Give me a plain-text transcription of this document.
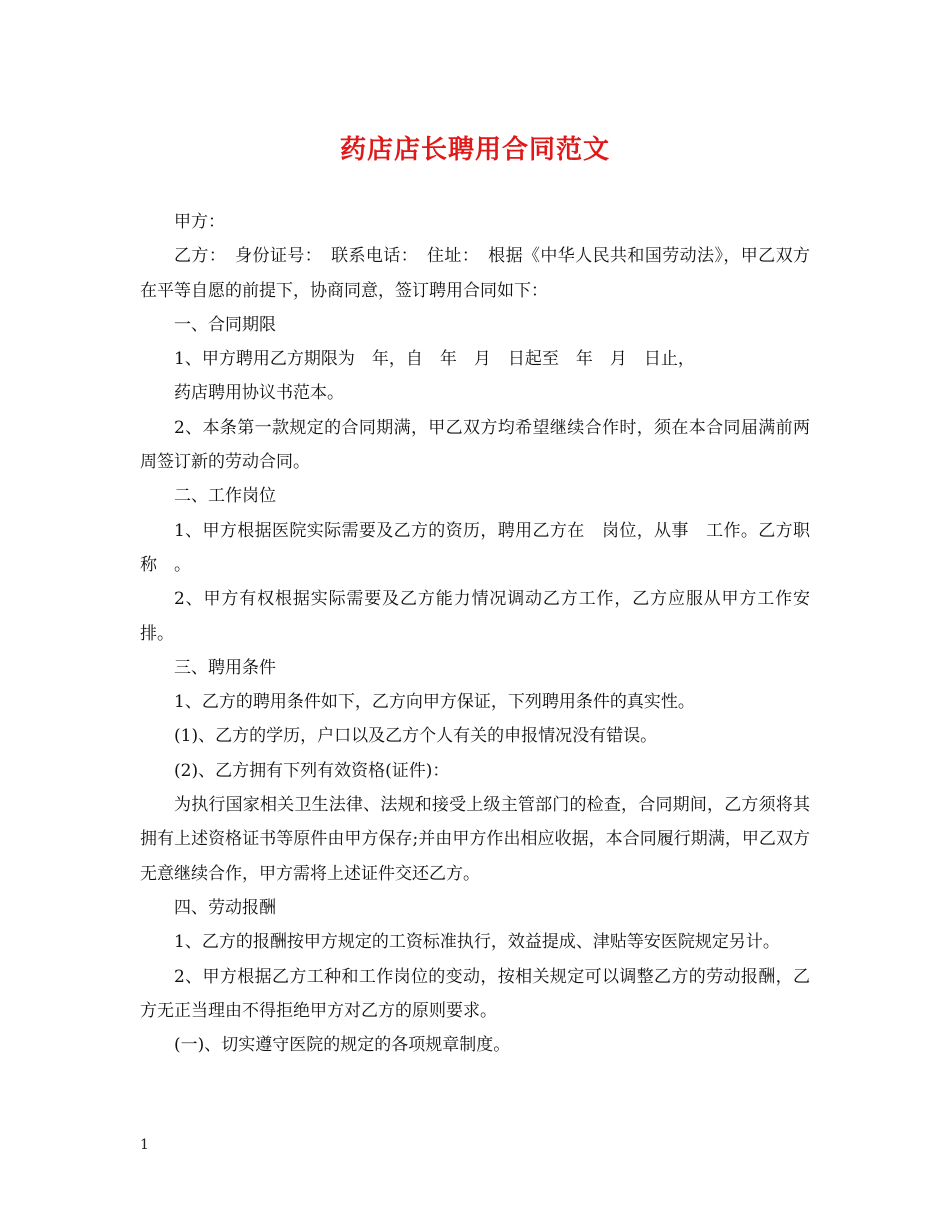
药店店长聘用合同范文

甲方：

乙方：　身份证号：　联系电话：　住址：　根据《中华人民共和国劳动法》，甲乙双方在平等自愿的前提下，协商同意，签订聘用合同如下：

一、合同期限

1、甲方聘用乙方期限为　年，自　年　月　日起至　年　月　日止，

药店聘用协议书范本。

2、本条第一款规定的合同期满，甲乙双方均希望继续合作时，须在本合同届满前两周签订新的劳动合同。

二、工作岗位

1、甲方根据医院实际需要及乙方的资历，聘用乙方在　岗位，从事　工作。乙方职称　。

2、甲方有权根据实际需要及乙方能力情况调动乙方工作，乙方应服从甲方工作安排。

三、聘用条件

1、乙方的聘用条件如下，乙方向甲方保证，下列聘用条件的真实性。

(1)、乙方的学历，户口以及乙方个人有关的申报情况没有错误。

(2)、乙方拥有下列有效资格(证件)：

为执行国家相关卫生法律、法规和接受上级主管部门的检查，合同期间，乙方须将其拥有上述资格证书等原件由甲方保存;并由甲方作出相应收据，本合同履行期满，甲乙双方无意继续合作，甲方需将上述证件交还乙方。

四、劳动报酬

1、乙方的报酬按甲方规定的工资标准执行，效益提成、津贴等安医院规定另计。

2、甲方根据乙方工种和工作岗位的变动，按相关规定可以调整乙方的劳动报酬，乙方无正当理由不得拒绝甲方对乙方的原则要求。

(一)、切实遵守医院的规定的各项规章制度。

1
